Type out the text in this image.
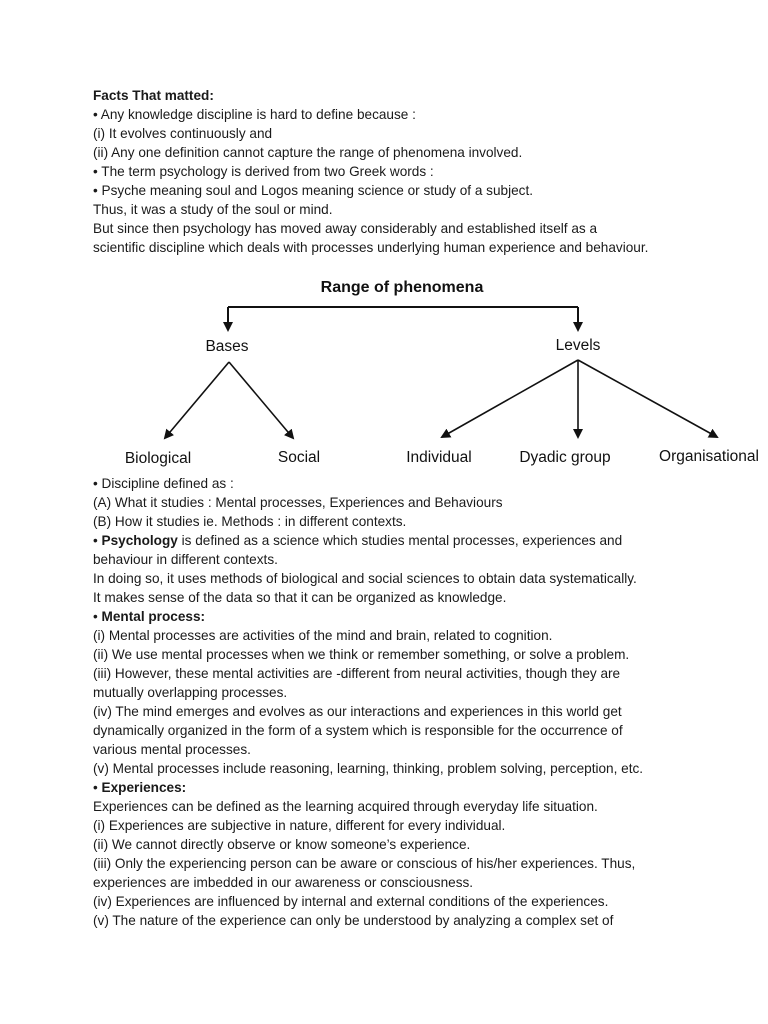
Facts That matted:
• Any knowledge discipline is hard to define because :
(i) It evolves continuously and
(ii) Any one definition cannot capture the range of phenomena involved.
• The term psychology is derived from two Greek words :
• Psyche meaning soul and Logos meaning science or study of a subject.
Thus, it was a study of the soul or mind.
But since then psychology has moved away considerably and established itself as a
scientific discipline which deals with processes underlying human experience and behaviour.
Range of phenomena
Bases	Levels
Biological	Social	Individual	Dyadic group	Organisational
• Discipline defined as :
(A) What it studies : Mental processes, Experiences and Behaviours
(B) How it studies ie. Methods : in different contexts.
• Psychology is defined as a science which studies mental processes, experiences and
behaviour in different contexts.
In doing so, it uses methods of biological and social sciences to obtain data systematically.
It makes sense of the data so that it can be organized as knowledge.
• Mental process:
(i) Mental processes are activities of the mind and brain, related to cognition.
(ii) We use mental processes when we think or remember something, or solve a problem.
(iii) However, these mental activities are -different from neural activities, though they are
mutually overlapping processes.
(iv) The mind emerges and evolves as our interactions and experiences in this world get
dynamically organized in the form of a system which is responsible for the occurrence of
various mental processes.
(v) Mental processes include reasoning, learning, thinking, problem solving, perception, etc.
• Experiences:
Experiences can be defined as the learning acquired through everyday life situation.
(i) Experiences are subjective in nature, different for every individual.
(ii) We cannot directly observe or know someone’s experience.
(iii) Only the experiencing person can be aware or conscious of his/her experiences. Thus,
experiences are imbedded in our awareness or consciousness.
(iv) Experiences are influenced by internal and external conditions of the experiences.
(v) The nature of the experience can only be understood by analyzing a complex set of
